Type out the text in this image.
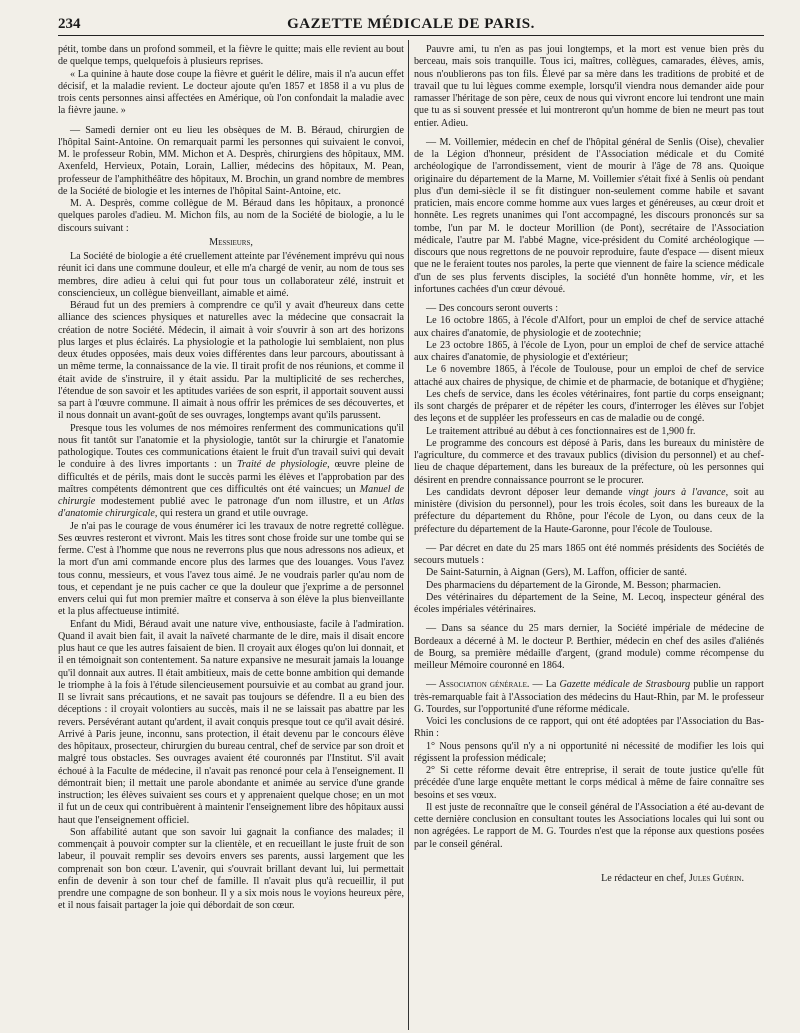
234	GAZETTE MÉDICALE DE PARIS.

pétit, tombe dans un profond sommeil, et la fièvre le quitte; mais elle revient au bout de quelque temps, quelquefois à plusieurs reprises.

« La quinine à haute dose coupe la fièvre et guérit le délire, mais il n'a aucun effet décisif, et la maladie revient. Le docteur ajoute qu'en 1857 et 1858 il a vu plus de trois cents personnes ainsi affectées en Amérique, où l'on confondait la maladie avec la fièvre jaune. »

— Samedi dernier ont eu lieu les obsèques de M. B. Béraud, chirurgien de l'hôpital Saint-Antoine. On remarquait parmi les personnes qui suivaient le convoi, M. le professeur Robin, MM. Michon et A. Desprès, chirurgiens des hôpitaux, MM. Axenfeld, Hervieux, Potain, Lorain, Lallier, médecins des hôpitaux, M. Pean, professeur de l'amphithéâtre des hôpitaux, M. Brochin, un grand nombre de membres de la Société de biologie et les internes de l'hôpital Saint-Antoine, etc.

M. A. Desprès, comme collègue de M. Béraud dans les hôpitaux, a prononcé quelques paroles d'adieu. M. Michon fils, au nom de la Société de biologie, a lu le discours suivant :

Messieurs,

La Société de biologie a été cruellement atteinte par l'événement imprévu qui nous réunit ici dans une commune douleur, et elle m'a chargé de venir, au nom de tous ses membres, dire adieu à celui qui fut pour tous un collaborateur zélé, instruit et consciencieux, un collègue bienveillant, aimable et aimé.

Béraud fut un des premiers à comprendre ce qu'il y avait d'heureux dans cette alliance des sciences physiques et naturelles avec la médecine que consacrait la création de notre Société. Médecin, il aimait à voir s'ouvrir à son art des horizons plus larges et plus éclairés. La physiologie et la pathologie lui semblaient, non plus deux études opposées, mais deux voies différentes dans leur parcours, aboutissant à un même terme, la connaissance de la vie. Il tirait profit de nos réunions, et comme il était avide de s'instruire, il y était assidu. Par la multiplicité de ses recherches, l'étendue de son savoir et les aptitudes variées de son esprit, il apportait souvent aussi sa part à l'œuvre commune. Il aimait à nous offrir les prémices de ses découvertes, et il nous donnait un avant-goût de ses ouvrages, longtemps avant qu'ils parussent.

Presque tous les volumes de nos mémoires renferment des communications qu'il nous fit tantôt sur l'anatomie et la physiologie, tantôt sur la chirurgie et l'anatomie pathologique. Toutes ces communications étaient le fruit d'un travail suivi qui devait le conduire à des livres importants : un Traité de physiologie, œuvre pleine de difficultés et de périls, mais dont le succès parmi les élèves et l'approbation par des maîtres compétents démontrent que ces difficultés ont été vaincues; un Manuel de chirurgie modestement publié avec le patronage d'un nom illustre, et un Atlas d'anatomie chirurgicale, qui restera un grand et utile ouvrage.

Je n'ai pas le courage de vous énumérer ici les travaux de notre regretté collègue. Ses œuvres resteront et vivront. Mais les titres sont chose froide sur une tombe qui se ferme. C'est à l'homme que nous ne reverrons plus que nous adressons nos adieux, et la mort d'un ami commande encore plus des larmes que des louanges. Vous l'avez tous connu, messieurs, et vous l'avez tous aimé. Je ne voudrais parler qu'au nom de tous, et cependant je ne puis cacher ce que la douleur que j'exprime a de personnel envers celui qui fut mon premier maître et conserva à son élève la plus bienveillante et la plus affectueuse intimité.

Enfant du Midi, Béraud avait une nature vive, enthousiaste, facile à l'admiration. Quand il avait bien fait, il avait la naïveté charmante de le dire, mais il disait encore plus haut ce que les autres faisaient de bien. Il croyait aux éloges qu'on lui donnait, et il en témoignait son contentement. Sa nature expansive ne mesurait jamais la louange qu'il donnait aux autres. Il était ambitieux, mais de cette bonne ambition qui demande le triomphe à la fois à l'étude silencieusement poursuivie et au combat au grand jour. Il se livrait sans précautions, et ne savait pas toujours se défendre. Il a eu bien des déceptions : il croyait volontiers au succès, mais il ne se laissait pas abattre par les revers. Persévérant autant qu'ardent, il avait conquis presque tout ce qu'il avait désiré. Arrivé à Paris jeune, inconnu, sans protection, il était devenu par le concours élève des hôpitaux, prosecteur, chirurgien du bureau central, chef de service par son droit et malgré tous obstacles. Ses ouvrages avaient été couronnés par l'Institut. S'il avait échoué à la Faculte de médecine, il n'avait pas renoncé pour cela à l'enseignement. Il démontrait bien; il mettait une parole abondante et animée au service d'une grande instruction; les élèves suivaient ses cours et y apprenaient quelque chose; en un mot il fut un de ceux qui contribuèrent à maintenir l'enseignement libre des hôpitaux aussi haut que l'enseignement officiel.

Son affabilité autant que son savoir lui gagnait la confiance des malades; il commençait à pouvoir compter sur la clientèle, et en recueillant le juste fruit de son labeur, il pouvait remplir ses devoirs envers ses parents, aussi largement que les comprenait son bon cœur. L'avenir, qui s'ouvrait brillant devant lui, lui permettait enfin de devenir à son tour chef de famille. Il n'avait plus qu'à recueillir, il put prendre une compagne de son bonheur. Il y a six mois nous le voyions heureux père, et il nous faisait partager la joie qui débordait de son cœur.

Pauvre ami, tu n'en as pas joui longtemps, et la mort est venue bien près du berceau, mais sois tranquille. Tous ici, maîtres, collègues, camarades, élèves, amis, nous n'oublierons pas ton fils. Élevé par sa mère dans les traditions de probité et de travail que tu lui lègues comme exemple, lorsqu'il viendra nous demander aide pour ramasser l'héritage de son père, ceux de nous qui vivront encore lui tendront une main que tu as si souvent pressée et lui montreront qu'un homme de bien ne meurt pas tout entier. Adieu.

— M. Voillemier, médecin en chef de l'hôpital général de Senlis (Oise), chevalier de la Légion d'honneur, président de l'Association médicale et du Comité archéologique de l'arrondissement, vient de mourir à l'âge de 78 ans. Quoique originaire du département de la Marne, M. Voillemier s'était fixé à Senlis où pendant plus d'un demi-siècle il se fit distinguer non-seulement comme habile et savant praticien, mais encore comme homme aux vues larges et généreuses, au cœur droit et honnête. Les regrets unanimes qui l'ont accompagné, les discours prononcés sur sa tombe, l'un par M. le docteur Morillion (de Pont), secrétaire de l'Association médicale, l'autre par M. l'abbé Magne, vice-président du Comité archéologique — discours que nous regrettons de ne pouvoir reproduire, faute d'espace — disent mieux que ne le feraient toutes nos paroles, la perte que viennent de faire la science médicale d'un de ses plus fervents disciples, la société d'un honnête homme, vir, et les infortunes cachées d'un cœur dévoué.

— Des concours seront ouverts :

Le 16 octobre 1865, à l'école d'Alfort, pour un emploi de chef de service attaché aux chaires d'anatomie, de physiologie et de zootechnie;

Le 23 octobre 1865, à l'école de Lyon, pour un emploi de chef de service attaché aux chaires d'anatomie, de physiologie et d'extérieur;

Le 6 novembre 1865, à l'école de Toulouse, pour un emploi de chef de service attaché aux chaires de physique, de chimie et de pharmacie, de botanique et d'hygiène;

Les chefs de service, dans les écoles vétérinaires, font partie du corps enseignant; ils sont chargés de préparer et de répéter les cours, d'interroger les élèves sur l'objet des leçons et de suppléer les professeurs en cas de maladie ou de congé.

Le traitement attribué au début à ces fonctionnaires est de 1,900 fr.

Le programme des concours est déposé à Paris, dans les bureaux du ministère de l'agriculture, du commerce et des travaux publics (division du personnel) et au chef-lieu de chaque département, dans les bureaux de la préfecture, où les personnes qui désirent en prendre connaissance pourront se le procurer.

Les candidats devront déposer leur demande vingt jours à l'avance, soit au ministère (division du personnel), pour les trois écoles, soit dans les bureaux de la préfecture du département du Rhône, pour l'école de Lyon, ou dans ceux de la préfecture du département de la Haute-Garonne, pour l'école de Toulouse.

— Par décret en date du 25 mars 1865 ont été nommés présidents des Sociétés de secours mutuels :

De Saint-Saturnin, à Aignan (Gers), M. Laffon, officier de santé.

Des pharmaciens du département de la Gironde, M. Besson; pharmacien.

Des vétérinaires du département de la Seine, M. Lecoq, inspecteur général des écoles impériales vétérinaires.

— Dans sa séance du 25 mars dernier, la Société impériale de médecine de Bordeaux a décerné à M. le docteur P. Berthier, médecin en chef des asiles d'aliénés de Bourg, sa première médaille d'argent, (grand module) comme récompense du meilleur Mémoire couronné en 1864.

— Association générale. — La Gazette médicale de Strasbourg publie un rapport très-remarquable fait à l'Association des médecins du Haut-Rhin, par M. le professeur G. Tourdes, sur l'opportunité d'une réforme médicale.

Voici les conclusions de ce rapport, qui ont été adoptées par l'Association du Bas-Rhin :

1° Nous pensons qu'il n'y a ni opportunité ni nécessité de modifier les lois qui régissent la profession médicale;

2° Si cette réforme devait être entreprise, il serait de toute justice qu'elle fût précédée d'une large enquête mettant le corps médical à même de faire connaître ses besoins et ses vœux.

Il est juste de reconnaître que le conseil général de l'Association a été au-devant de cette dernière conclusion en consultant toutes les Associations locales qui lui sont ou non agrégées. Le rapport de M. G. Tourdes n'est que la réponse aux questions posées par le conseil général.

Le rédacteur en chef, Jules Guérin.
